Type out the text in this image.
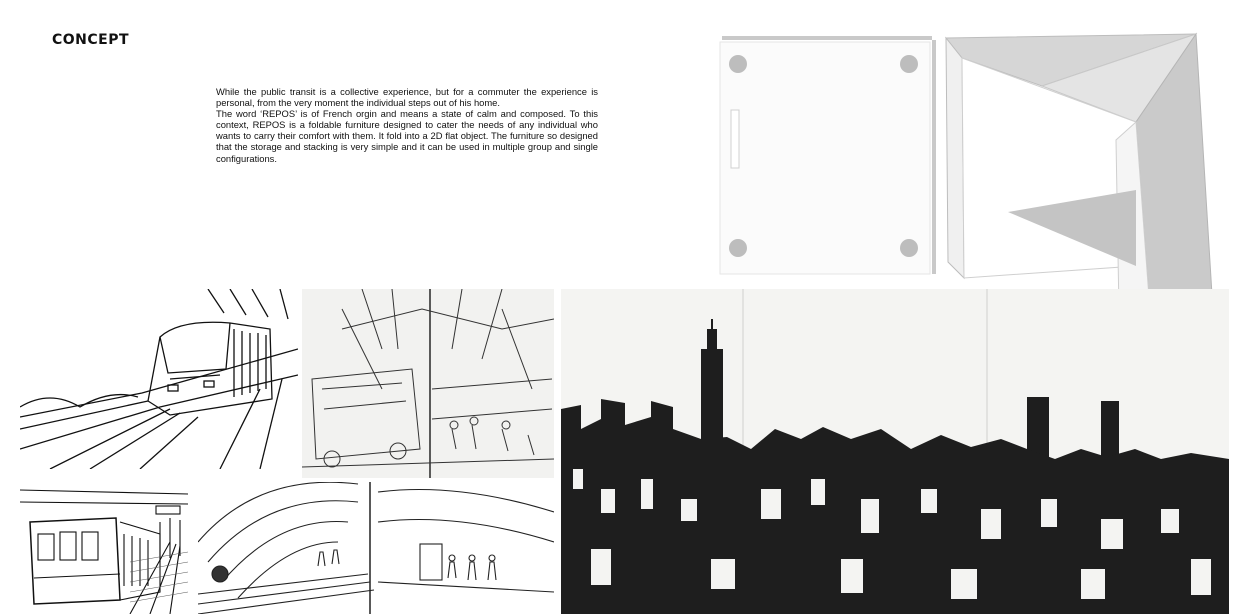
CONCEPT

While the public transit is a collective experience, but for a commuter the experience is personal, from the very moment the individual steps out of his home.

The word ‘REPOS’ is of French orgin and means a state of calm and composed. To this context, REPOS is a foldable furniture designed to cater the needs of any individual who wants to carry their comfort with them. It fold into a 2D flat object. The furniture so designed that the storage and stacking is very simple and it can be used in multiple group and single configurations.
